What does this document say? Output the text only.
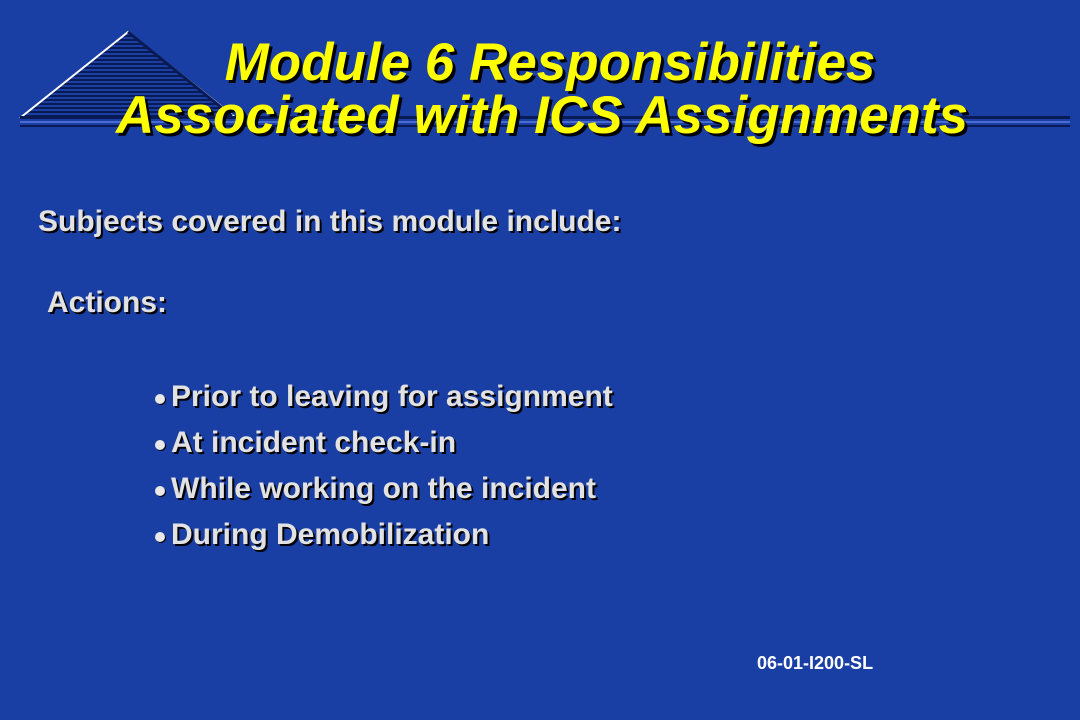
Module 6 Responsibilities
Associated with ICS Assignments

Subjects covered in this module include:

Actions:

Prior to leaving for assignment
At incident check-in
While working on the incident
During Demobilization

06-01-I200-SL
